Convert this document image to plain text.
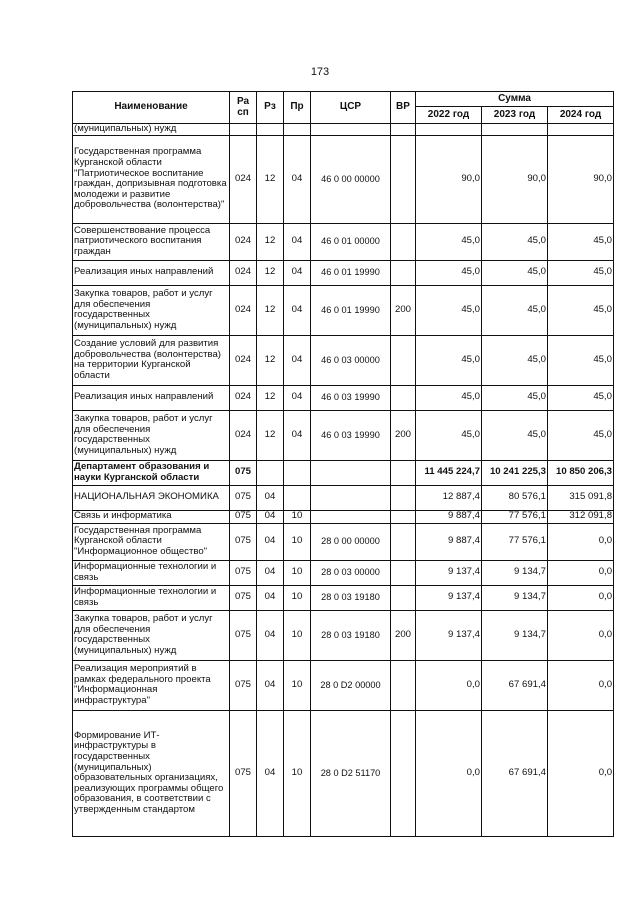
173
Наименование	Ра сп	Рз	Пр	ЦСР	ВР	Сумма		
						2022 год	2023 год	2024 год
(муниципальных) нужд								
Государственная программа Курганской области "Патриотическое воспитание граждан, допризывная подготовка молодежи и развитие добровольчества (волонтерства)"	024	12	04	46 0 00 00000		90,0	90,0	90,0
Совершенствование процесса патриотического воспитания граждан	024	12	04	46 0 01 00000		45,0	45,0	45,0
Реализация иных направлений	024	12	04	46 0 01 19990		45,0	45,0	45,0
Закупка товаров, работ и услуг для обеспечения государственных (муниципальных) нужд	024	12	04	46 0 01 19990	200	45,0	45,0	45,0
Создание условий для развития добровольчества (волонтерства) на территории Курганской области	024	12	04	46 0 03 00000		45,0	45,0	45,0
Реализация иных направлений	024	12	04	46 0 03 19990		45,0	45,0	45,0
Закупка товаров, работ и услуг для обеспечения государственных (муниципальных) нужд	024	12	04	46 0 03 19990	200	45,0	45,0	45,0
Департамент образования и науки Курганской области	075					11 445 224,7	10 241 225,3	10 850 206,3
НАЦИОНАЛЬНАЯ ЭКОНОМИКА	075	04				12 887,4	80 576,1	315 091,8
Связь и информатика	075	04	10			9 887,4	77 576,1	312 091,8
Государственная программа Курганской области "Информационное общество"	075	04	10	28 0 00 00000		9 887,4	77 576,1	0,0
Информационные технологии и связь	075	04	10	28 0 03 00000		9 137,4	9 134,7	0,0
Информационные технологии и связь	075	04	10	28 0 03 19180		9 137,4	9 134,7	0,0
Закупка товаров, работ и услуг для обеспечения государственных (муниципальных) нужд	075	04	10	28 0 03 19180	200	9 137,4	9 134,7	0,0
Реализация мероприятий в рамках федерального проекта "Информационная инфраструктура"	075	04	10	28 0 D2 00000		0,0	67 691,4	0,0
Формирование ИТ-инфраструктуры в государственных (муниципальных) образовательных организациях, реализующих программы общего образования, в соответствии с утвержденным стандартом	075	04	10	28 0 D2 51170		0,0	67 691,4	0,0
